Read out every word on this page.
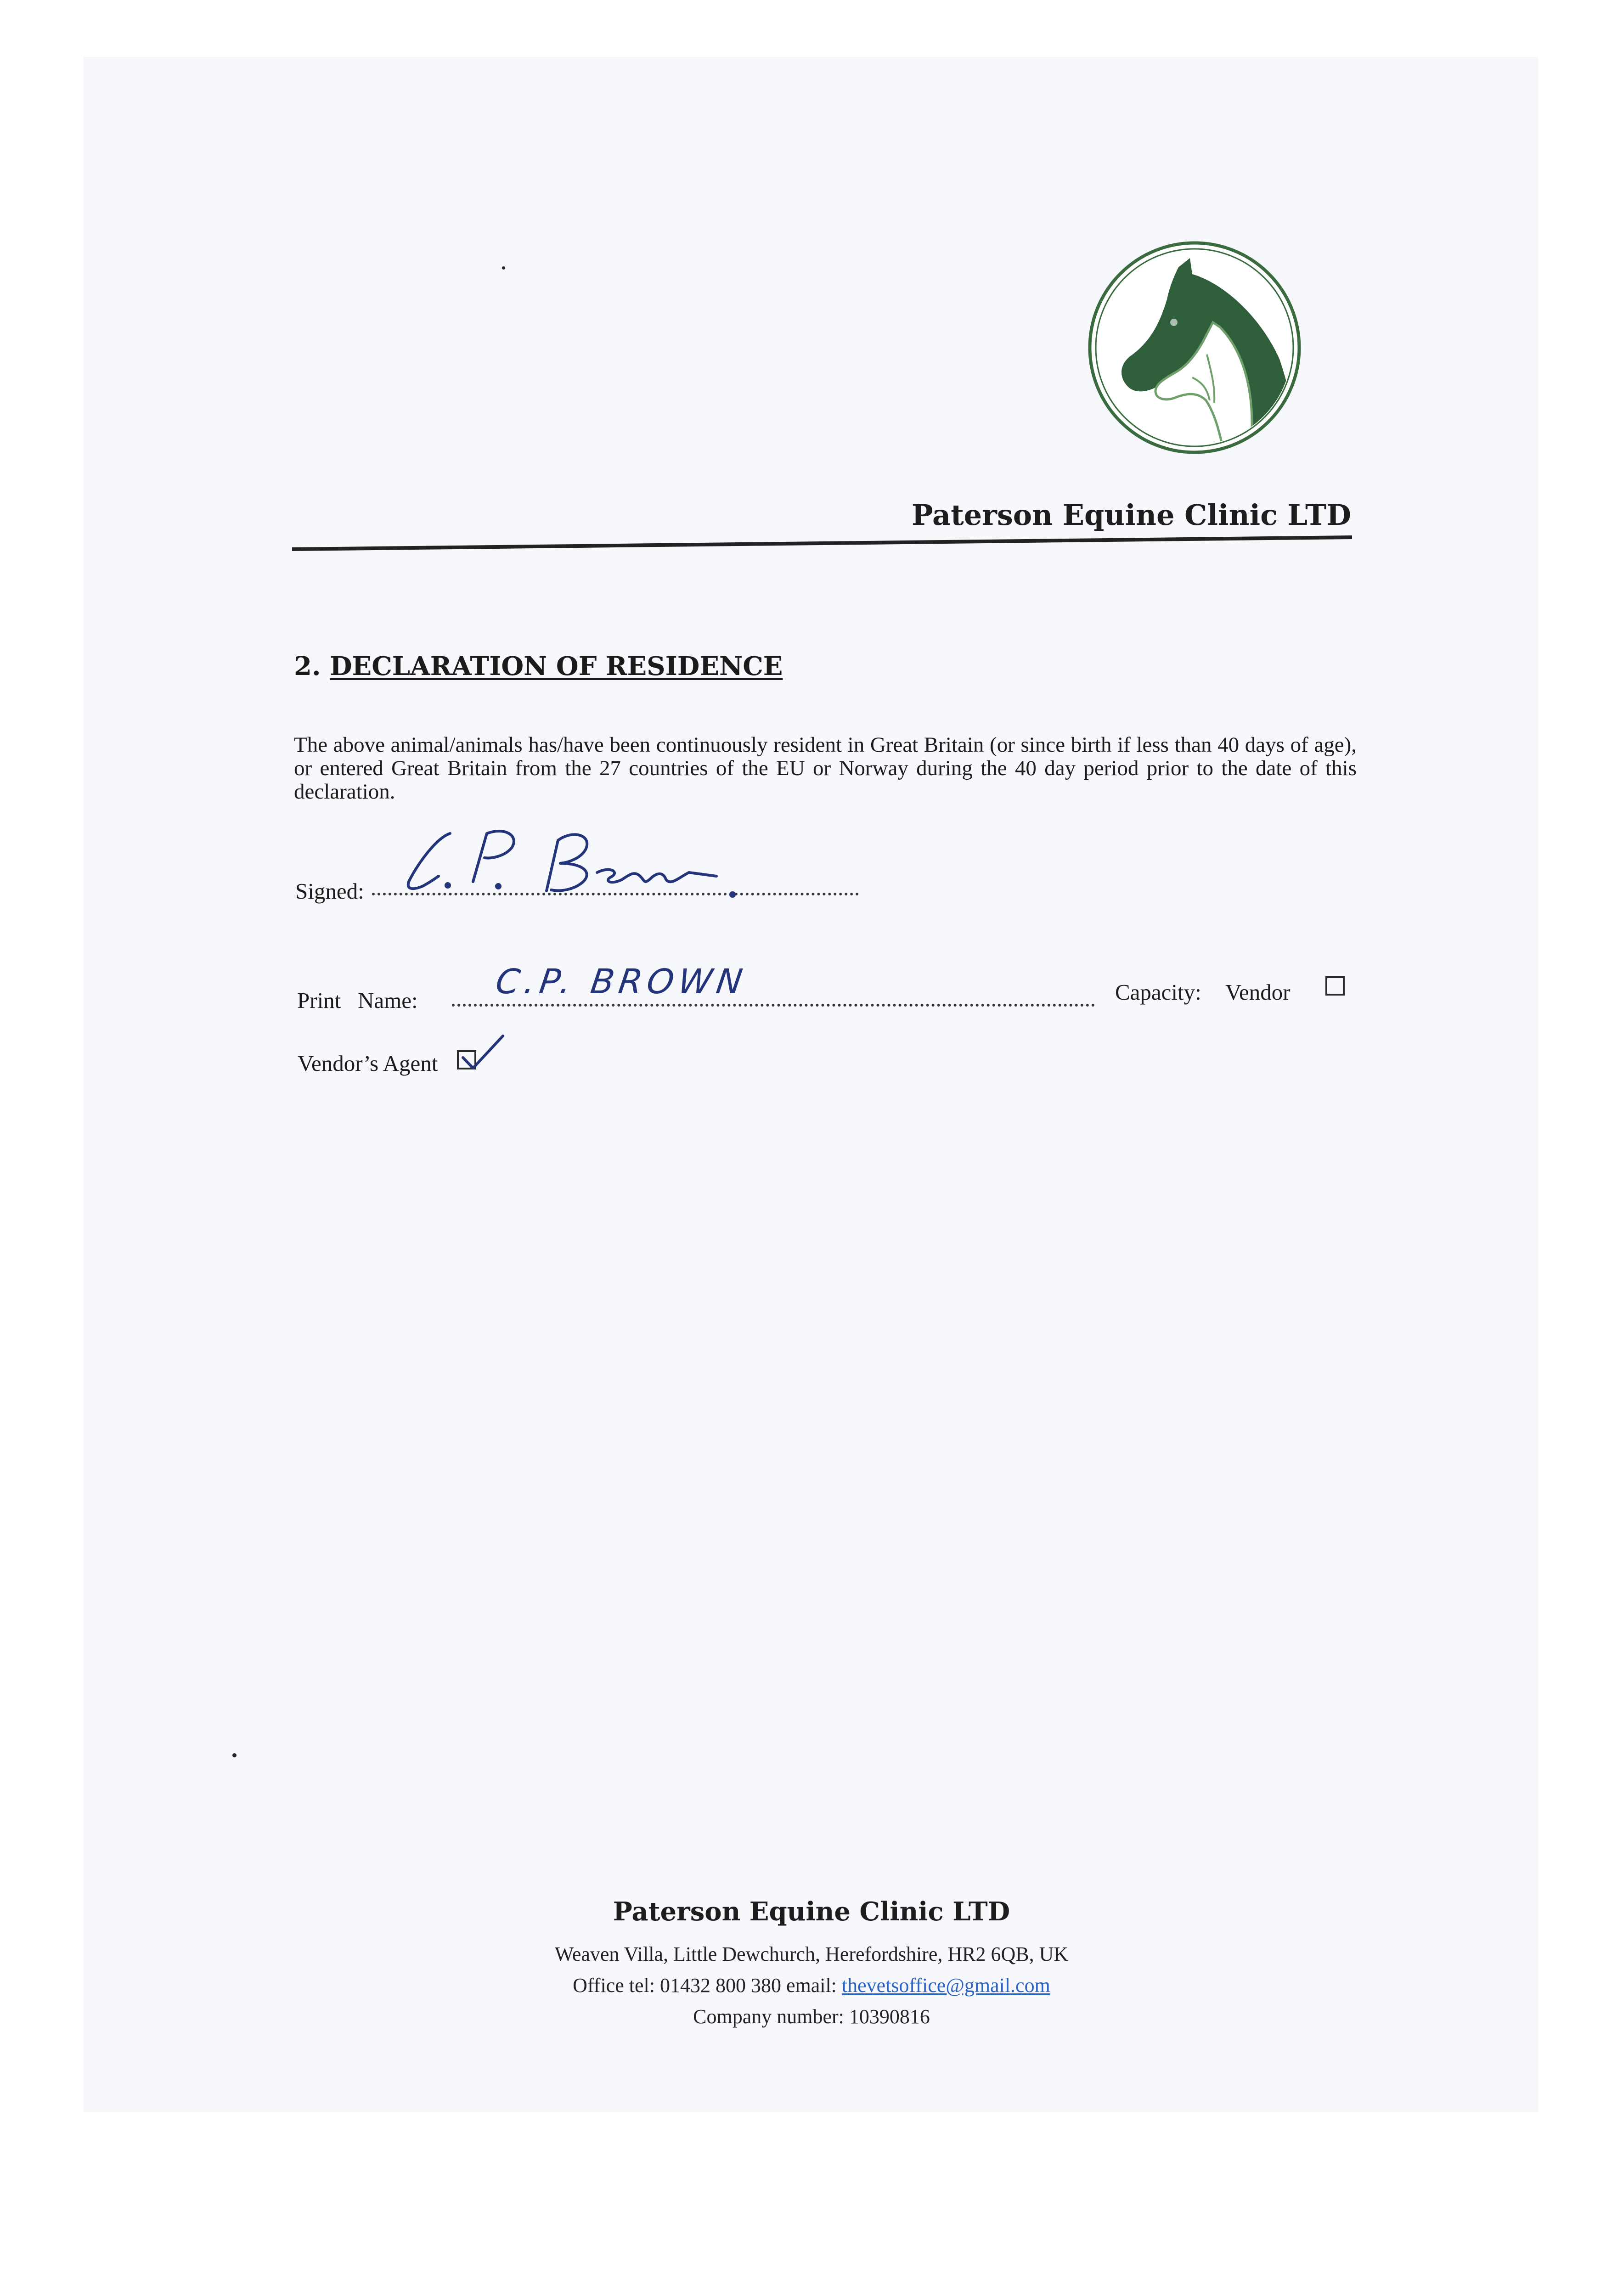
Paterson Equine Clinic LTD
2. DECLARATION OF RESIDENCE
The above animal/animals has/have been continuously resident in Great Britain (or since birth if less than 40 days of age), or entered Great Britain from the 27 countries of the EU or Norway during the 40 day period prior to the date of this declaration.
Signed:
Print   Name: C.P. BROWN	Capacity: Vendor
Vendor’s Agent
Paterson Equine Clinic LTD
Weaven Villa, Little Dewchurch, Herefordshire, HR2 6QB, UK
Office tel: 01432 800 380 email: thevetsoffice@gmail.com
Company number: 10390816
